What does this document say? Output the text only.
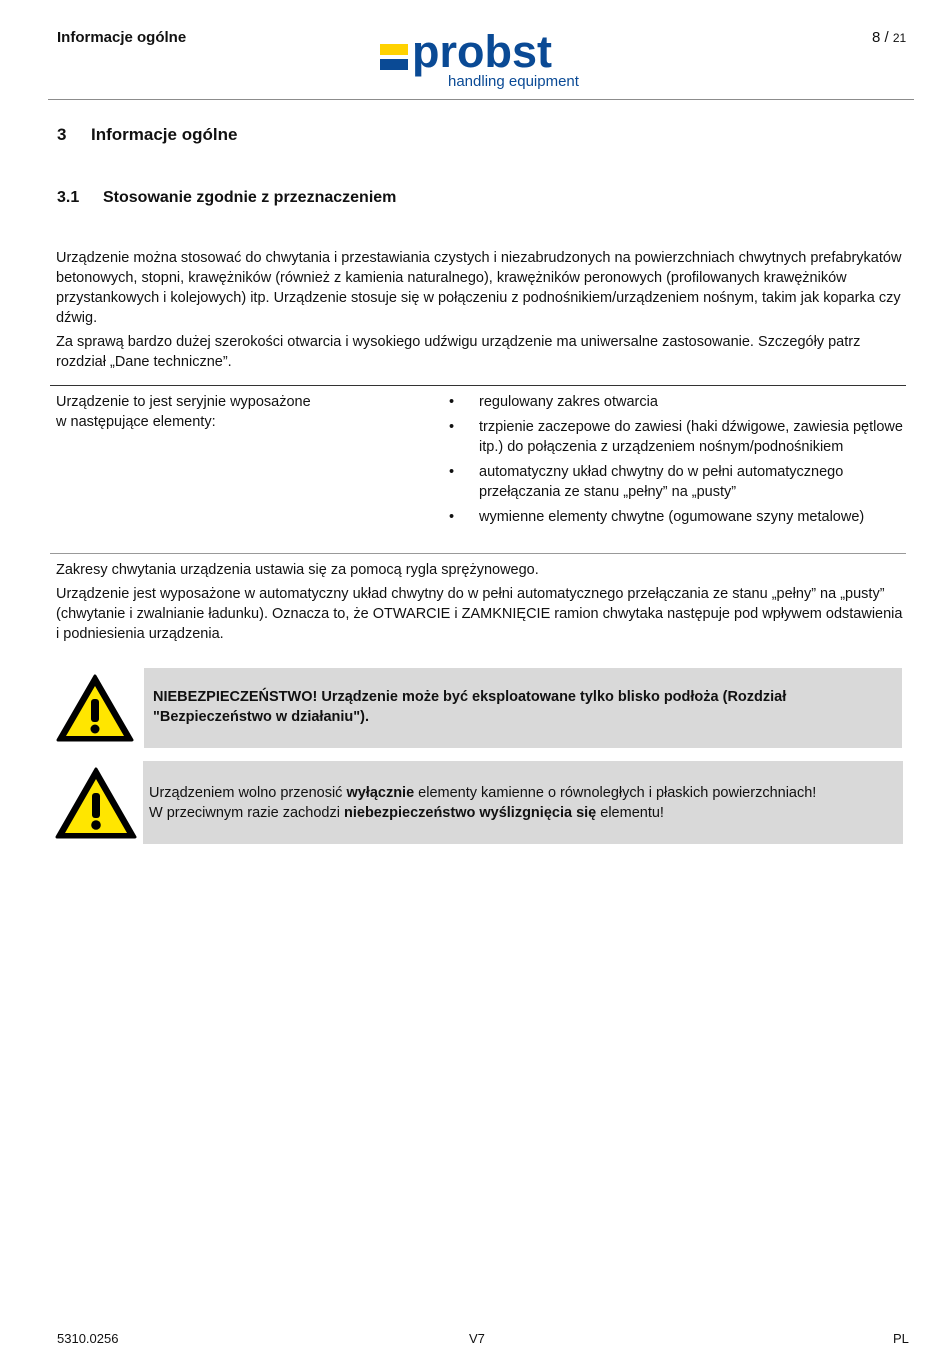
Informacje ogólne	probst
handling equipment
8 / 21
3 Informacje ogólne
3.1 Stosowanie zgodnie z przeznaczeniem
Urządzenie można stosować do chwytania i przestawiania czystych i niezabrudzonych na powierzchniach chwytnych prefabrykatów betonowych, stopni, krawężników (również z kamienia naturalnego), krawężników peronowych (profilowanych krawężników przystankowych i kolejowych) itp. Urządzenie stosuje się w połączeniu z podnośnikiem/urządzeniem nośnym, takim jak koparka czy dźwig.
Za sprawą bardzo dużej szerokości otwarcia i wysokiego udźwigu urządzenie ma uniwersalne zastosowanie. Szczegóły patrz rozdział „Dane techniczne”.
Urządzenie to jest seryjnie wyposażone
w następujące elementy:
• regulowany zakres otwarcia
• trzpienie zaczepowe do zawiesi (haki dźwigowe, zawiesia pętlowe itp.) do połączenia z urządzeniem nośnym/podnośnikiem
• automatyczny układ chwytny do w pełni automatycznego przełączania ze stanu „pełny” na „pusty”
• wymienne elementy chwytne (ogumowane szyny metalowe)
Zakresy chwytania urządzenia ustawia się za pomocą rygla sprężynowego.
Urządzenie jest wyposażone w automatyczny układ chwytny do w pełni automatycznego przełączania ze stanu „pełny” na „pusty” (chwytanie i zwalnianie ładunku). Oznacza to, że OTWARCIE i ZAMKNIĘCIE ramion chwytaka następuje pod wpływem odstawienia i podniesienia urządzenia.
NIEBEZPIECZEŃSTWO! Urządzenie może być eksploatowane tylko blisko podłoża (Rozdział "Bezpieczeństwo w działaniu").
Urządzeniem wolno przenosić wyłącznie elementy kamienne o równoległych i płaskich powierzchniach!
W przeciwnym razie zachodzi niebezpieczeństwo wyślizgnięcia się elementu!
5310.0256	V7	PL
